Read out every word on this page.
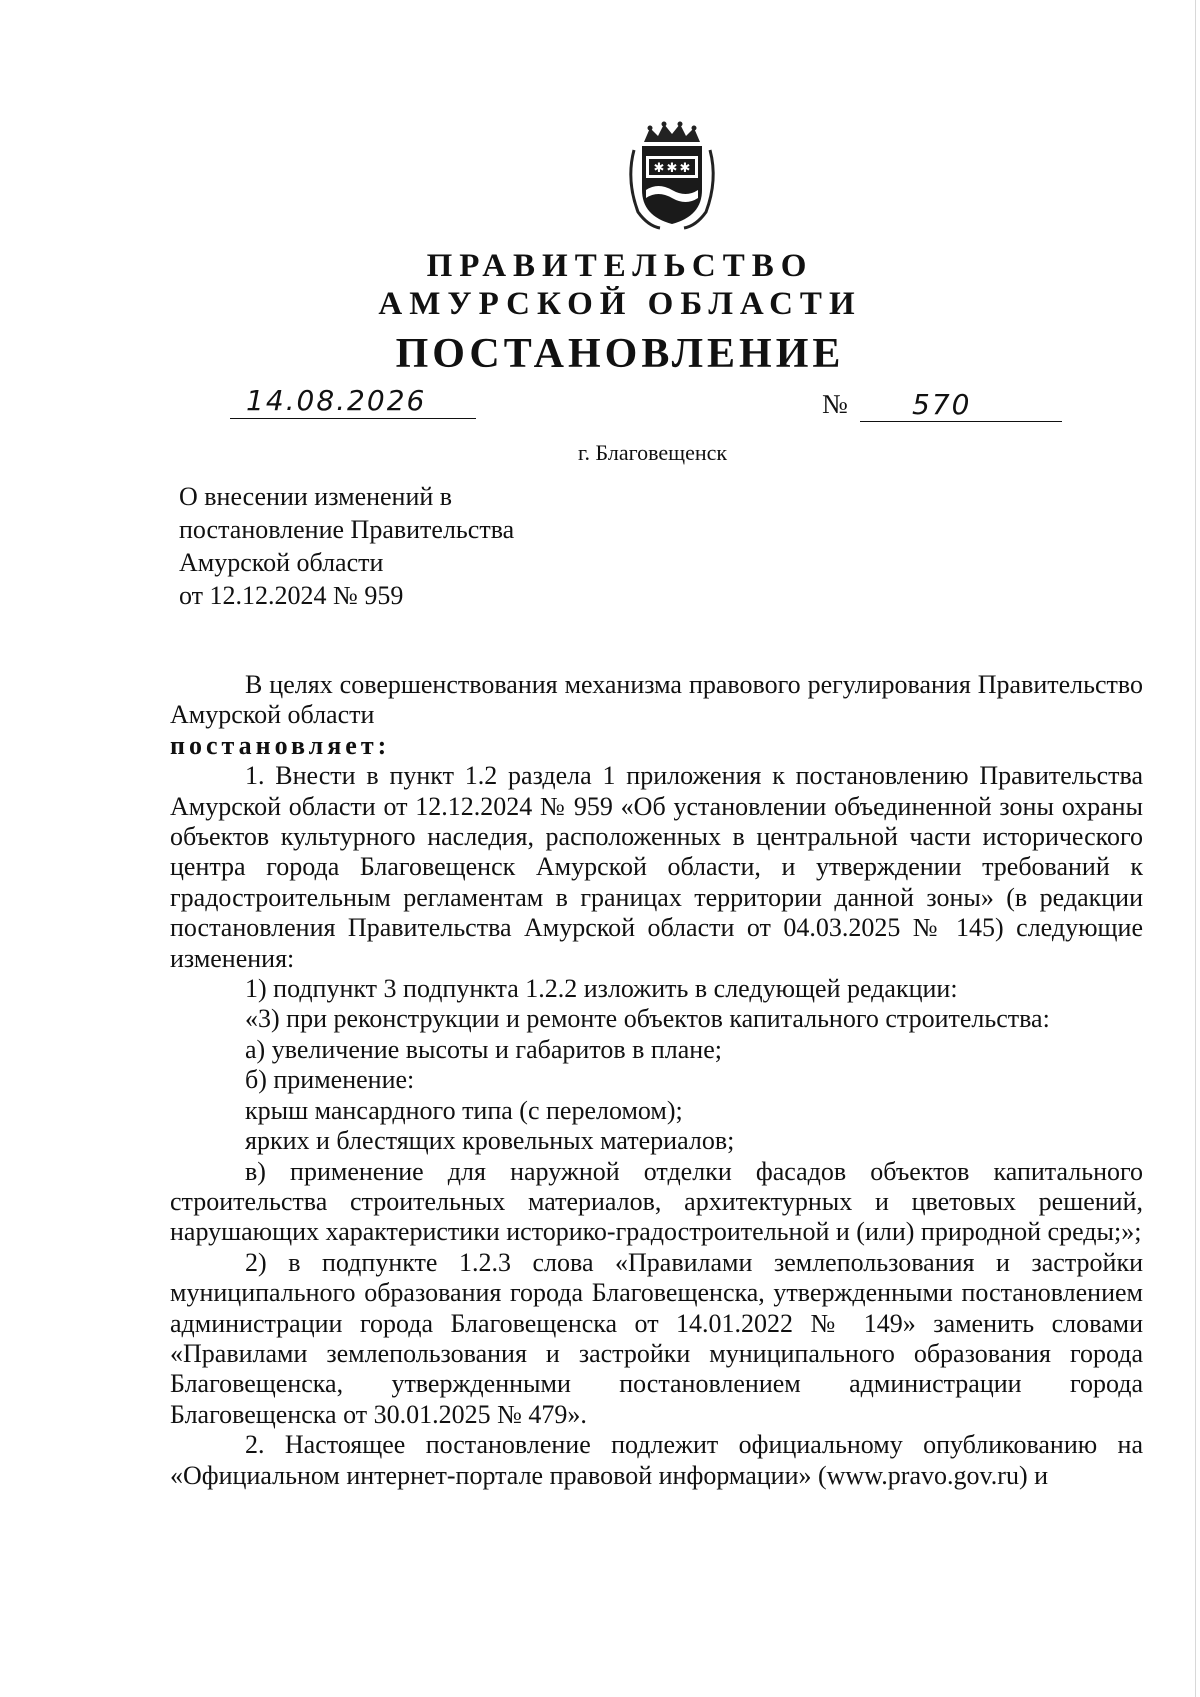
✱ ✱ ✱
ПРАВИТЕЛЬСТВО
АМУРСКОЙ ОБЛАСТИ
ПОСТАНОВЛЕНИЕ
14.08.2026	№ 570
г. Благовещенск
О внесении изменений в
постановление Правительства
Амурской области
от 12.12.2024 № 959

В целях совершенствования механизма правового регулирования Правительство Амурской области

постановляет:

1. Внести в пункт 1.2 раздела 1 приложения к постановлению Правительства Амурской области от 12.12.2024 № 959 «Об установлении объединенной зоны охраны объектов культурного наследия, расположенных в центральной части исторического центра города Благовещенск Амурской области, и утверждении требований к градостроительным регламентам в границах территории данной зоны» (в редакции постановления Правительства Амурской области от 04.03.2025 № 145) следующие изменения:

1) подпункт 3 подпункта 1.2.2 изложить в следующей редакции:

«3) при реконструкции и ремонте объектов капитального строительства:

а) увеличение высоты и габаритов в плане;

б) применение:

крыш мансардного типа (с переломом);

ярких и блестящих кровельных материалов;

в) применение для наружной отделки фасадов объектов капитального строительства строительных материалов, архитектурных и цветовых решений, нарушающих характеристики историко-градостроительной и (или) природной среды;»;

2) в подпункте 1.2.3 слова «Правилами землепользования и застройки муниципального образования города Благовещенска, утвержденными постановлением администрации города Благовещенска от 14.01.2022 № 149» заменить словами «Правилами землепользования и застройки муниципального образования города Благовещенска, утвержденными постановлением администрации города Благовещенска от 30.01.2025 № 479».

2. Настоящее постановление подлежит официальному опубликованию на «Официальном интернет-портале правовой информации» (www.pravo.gov.ru) и
